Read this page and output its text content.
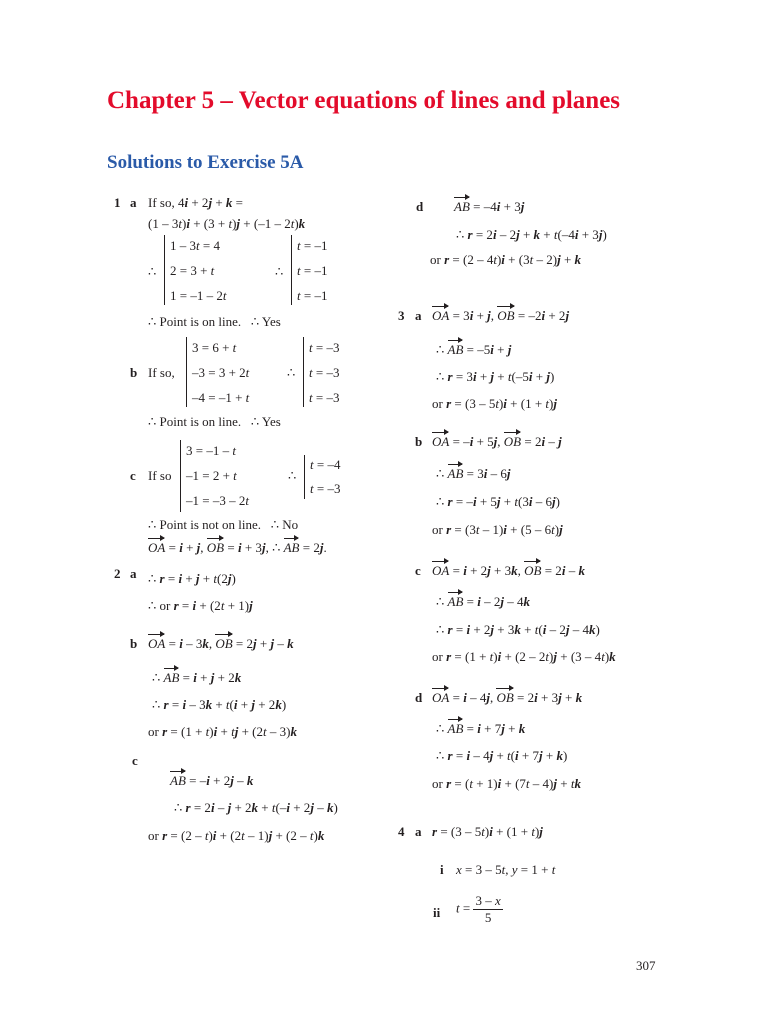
Chapter 5 – Vector equations of lines and planes
Solutions to Exercise 5A
1 a If so, 4i + 2j + k =
(1 – 3t)i + (3 + t)j + (–1 – 2t)k
∴
1 – 3t = 4
2 = 3 + t
1 = –1 – 2t
∴
t = –1
t = –1
t = –1
∴ Point is on line. ∴ Yes
b If so,
3 = 6 + t
–3 = 3 + 2t
–4 = –1 + t
∴
t = –3
t = –3
t = –3
∴ Point is on line. ∴ Yes
c If so
3 = –1 – t
–1 = 2 + t
–1 = –3 – 2t
∴
t = –4
t = –3
∴ Point is not on line. ∴ No
OA = i + j, OB = i + 3j, ∴ AB = 2j.
2 a ∴ r = i + j + t(2j)
∴ or r = i + (2t + 1)j
b OA = i – 3k, OB = 2j + j – k
∴ AB = i + j + 2k
∴ r = i – 3k + t(i + j + 2k)
or r = (1 + t)i + tj + (2t – 3)k
c
AB = –i + 2j – k
∴ r = 2i – j + 2k + t(–i + 2j – k)
or r = (2 – t)i + (2t – 1)j + (2 – t)k
d AB = –4i + 3j
∴ r = 2i – 2j + k + t(–4i + 3j)
or r = (2 – 4t)i + (3t – 2)j + k
3 a OA = 3i + j, OB = –2i + 2j
∴ AB = –5i + j
∴ r = 3i + j + t(–5i + j)
or r = (3 – 5t)i + (1 + t)j
b OA = –i + 5j, OB = 2i – j
∴ AB = 3i – 6j
∴ r = –i + 5j + t(3i – 6j)
or r = (3t – 1)i + (5 – 6t)j
c OA = i + 2j + 3k, OB = 2i – k
∴ AB = i – 2j – 4k
∴ r = i + 2j + 3k + t(i – 2j – 4k)
or r = (1 + t)i + (2 – 2t)j + (3 – 4t)k
d OA = i – 4j, OB = 2i + 3j + k
∴ AB = i + 7j + k
∴ r = i – 4j + t(i + 7j + k)
or r = (t + 1)i + (7t – 4)j + tk
4 a r = (3 – 5t)i + (1 + t)j
i x = 3 – 5t, y = 1 + t
ii $t = \frac{3 - x}{5}$
307
